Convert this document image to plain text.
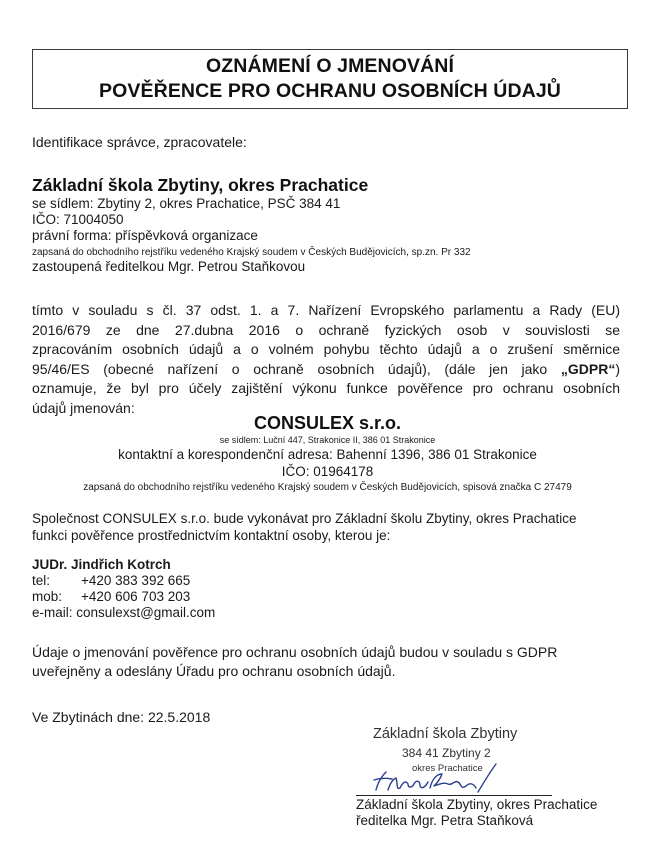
OZNÁMENÍ O JMENOVÁNÍ
POVĚŘENCE PRO OCHRANU OSOBNÍCH ÚDAJŮ
Identifikace správce, zpracovatele:
Základní škola Zbytiny, okres Prachatice
se sídlem: Zbytiny 2, okres Prachatice, PSČ 384 41
IČO: 71004050
právní forma: příspěvková organizace
zapsaná do obchodního rejstříku vedeného Krajský soudem v Českých Budějovicích, sp.zn. Pr 332
zastoupená ředitelkou Mgr. Petrou Staňkovou
tímto v souladu s čl. 37 odst. 1. a 7. Nařízení Evropského parlamentu a Rady (EU)
2016/679 ze dne 27.dubna 2016 o ochraně fyzických osob v souvislosti se
zpracováním osobních údajů a o volném pohybu těchto údajů a o zrušení směrnice
95/46/ES (obecné nařízení o ochraně osobních údajů), (dále jen jako „GDPR“)
oznamuje, že byl pro účely zajištění výkonu funkce pověřence pro ochranu osobních
údajů jmenován:
CONSULEX s.r.o.
se sídlem: Luční 447, Strakonice II, 386 01 Strakonice
kontaktní a korespondenční adresa: Bahenní 1396, 386 01 Strakonice
IČO: 01964178
zapsaná do obchodního rejstříku vedeného Krajský soudem v Českých Budějovicích, spisová značka C 27479
Společnost CONSULEX s.r.o. bude vykonávat pro Základní školu Zbytiny, okres Prachatice
funkci pověřence prostřednictvím kontaktní osoby, kterou je:
JUDr. Jindřich Kotrch
tel: +420 383 392 665
mob: +420 606 703 203
e-mail: consulexst@gmail.com
Údaje o jmenování pověřence pro ochranu osobních údajů budou v souladu s GDPR
uveřejněny a odeslány Úřadu pro ochranu osobních údajů.
Ve Zbytinách dne: 22.5.2018
Základní škola Zbytiny
384 41 Zbytiny 2
okres Prachatice
Základní škola Zbytiny, okres Prachatice
ředitelka Mgr. Petra Staňková
